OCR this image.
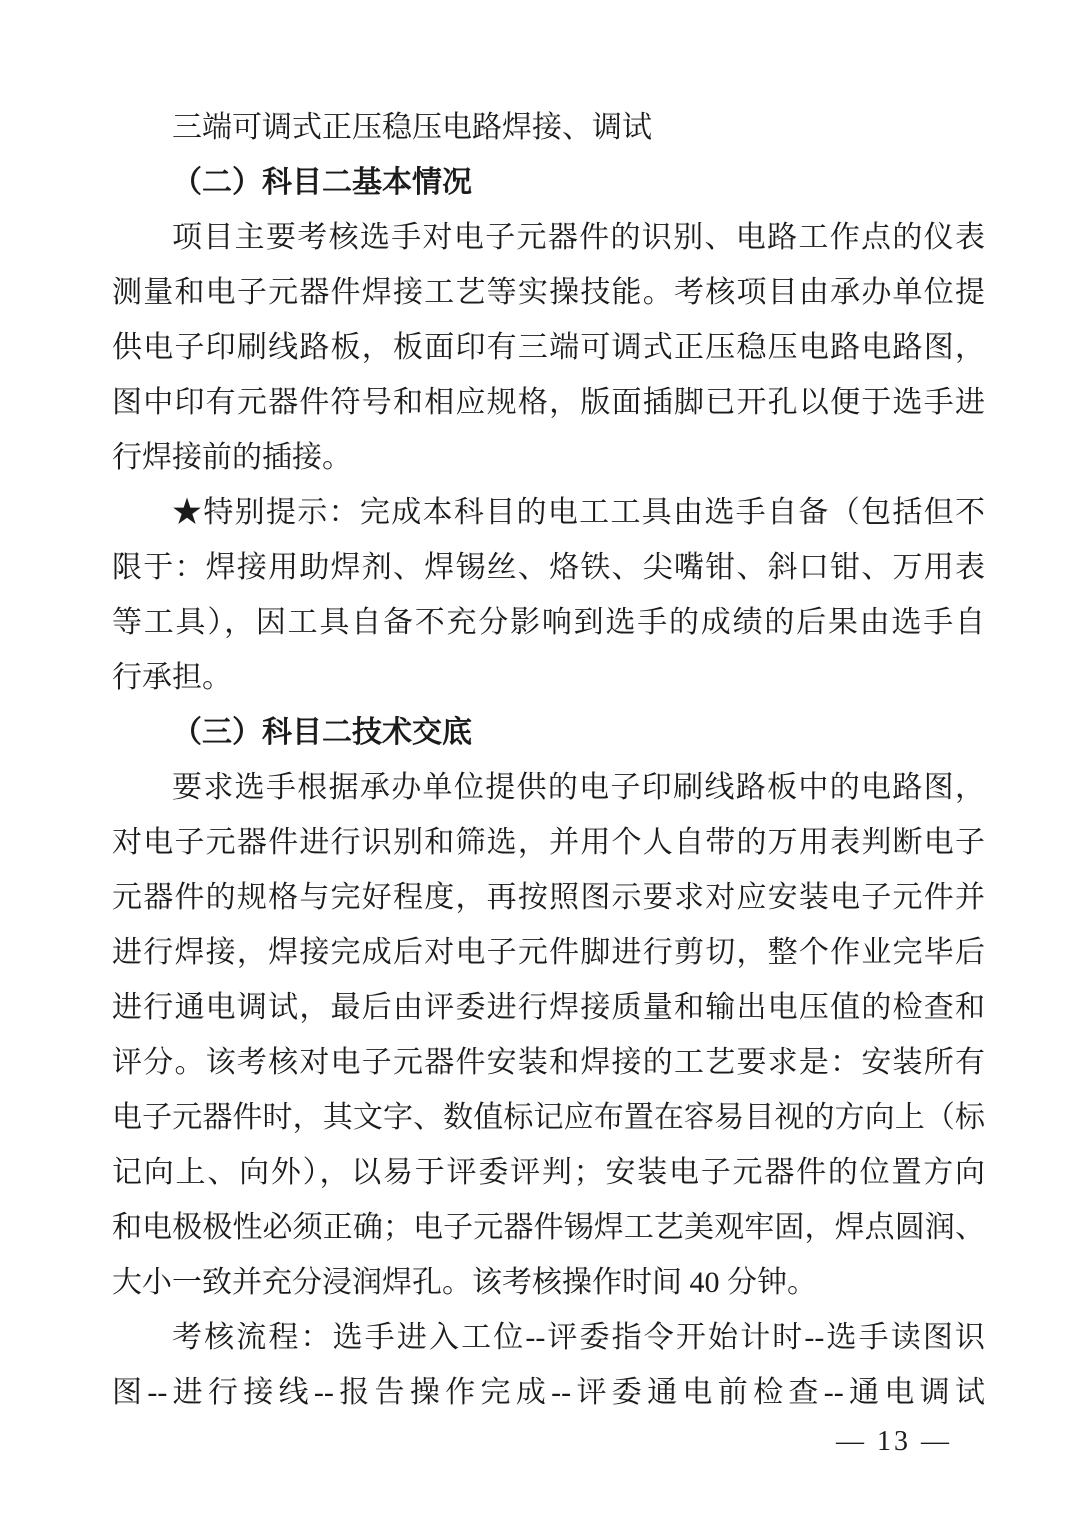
三端可调式正压稳压电路焊接、调试
（二）科目二基本情况
项目主要考核选手对电子元器件的识别、电路工作点的仪表
测量和电子元器件焊接工艺等实操技能。考核项目由承办单位提
供电子印刷线路板，板面印有三端可调式正压稳压电路电路图，
图中印有元器件符号和相应规格，版面插脚已开孔以便于选手进
行焊接前的插接。
★特别提示：完成本科目的电工工具由选手自备（包括但不
限于：焊接用助焊剂、焊锡丝、烙铁、尖嘴钳、斜口钳、万用表
等工具），因工具自备不充分影响到选手的成绩的后果由选手自
行承担。
（三）科目二技术交底
要求选手根据承办单位提供的电子印刷线路板中的电路图，
对电子元器件进行识别和筛选，并用个人自带的万用表判断电子
元器件的规格与完好程度，再按照图示要求对应安装电子元件并
进行焊接，焊接完成后对电子元件脚进行剪切，整个作业完毕后
进行通电调试，最后由评委进行焊接质量和输出电压值的检查和
评分。该考核对电子元器件安装和焊接的工艺要求是：安装所有
电子元器件时，其文字、数值标记应布置在容易目视的方向上（标
记向上、向外），以易于评委评判；安装电子元器件的位置方向
和电极极性必须正确；电子元器件锡焊工艺美观牢固，焊点圆润、
大小一致并充分浸润焊孔。该考核操作时间 40 分钟。
考核流程：选手进入工位--评委指令开始计时--选手读图识
图--进行接线--报告操作完成--评委通电前检查--通电调试
— 13 —
